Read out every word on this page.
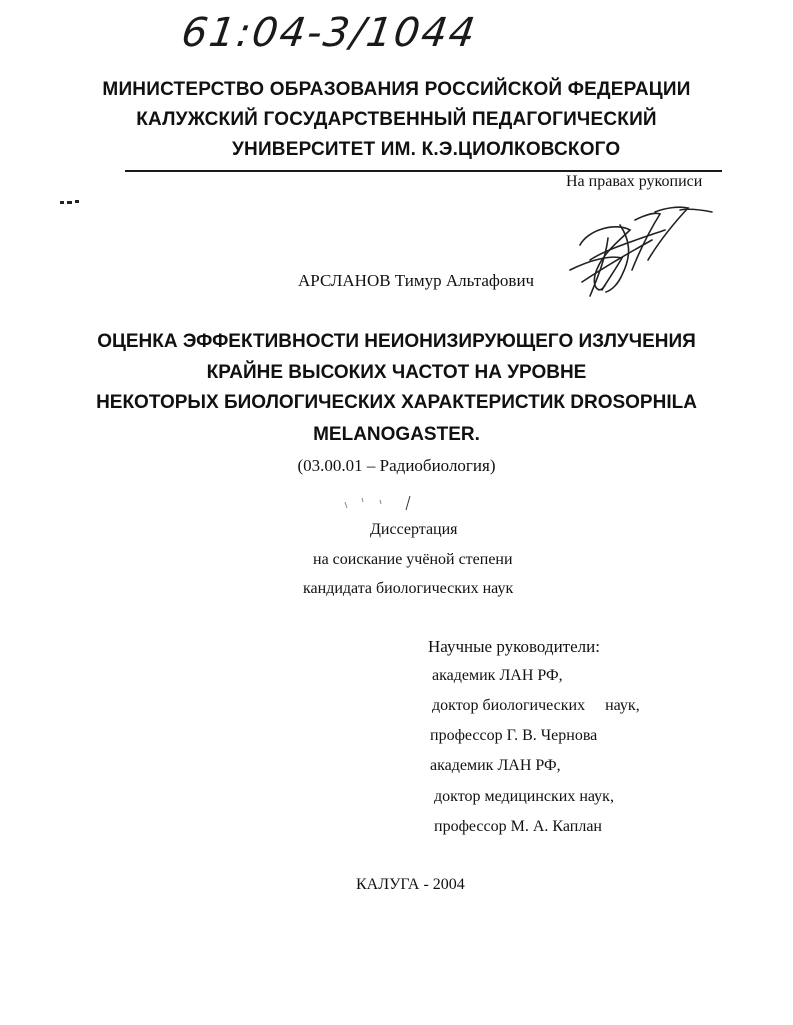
61:04-3/1044
МИНИСТЕРСТВО ОБРАЗОВАНИЯ РОССИЙСКОЙ ФЕДЕРАЦИИ
КАЛУЖСКИЙ ГОСУДАРСТВЕННЫЙ ПЕДАГОГИЧЕСКИЙ
УНИВЕРСИТЕТ ИМ. К.Э.ЦИОЛКОВСКОГО
На правах рукописи
АРСЛАНОВ Тимур Альтафович
ОЦЕНКА ЭФФЕКТИВНОСТИ НЕИОНИЗИРУЮЩЕГО ИЗЛУЧЕНИЯ
КРАЙНЕ ВЫСОКИХ ЧАСТОТ НА УРОВНЕ
НЕКОТОРЫХ БИОЛОГИЧЕСКИХ ХАРАКТЕРИСТИК DROSOPHILA
MELANOGASTER.
(03.00.01 – Радиобиология)
Диссертация
на соискание учёной степени
кандидата биологических наук
Научные руководители:
академик ЛАН РФ,
доктор биологических     наук,
профессор Г. В. Чернова
академик ЛАН РФ,
доктор медицинских наук,
профессор М. А. Каплан
КАЛУГА - 2004
